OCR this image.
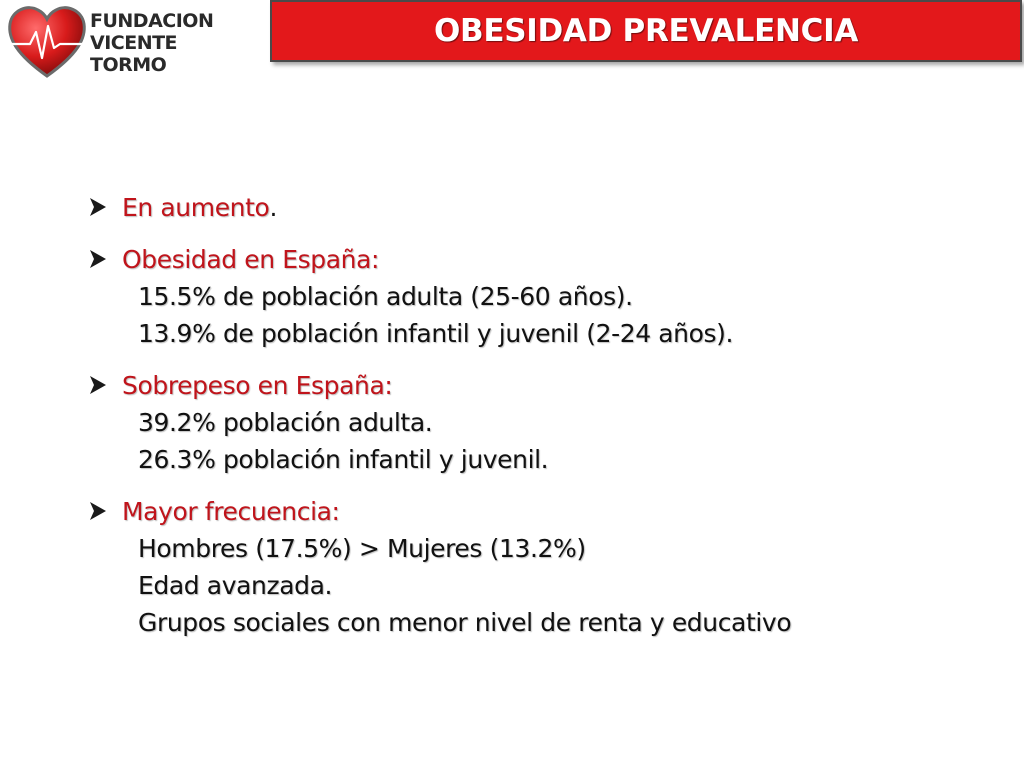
FUNDACION
VICENTE TORMO
OBESIDAD PREVALENCIA
En aumento .
Obesidad en España:
15.5% de población adulta (25-60 años).
13.9% de población infantil y juvenil (2-24 años).
Sobrepeso en España:
39.2% población adulta.
26.3% población infantil y juvenil.
Mayor frecuencia:
Hombres (17.5%) > Mujeres (13.2%)
Edad avanzada.
Grupos sociales con menor nivel de renta y educativo
